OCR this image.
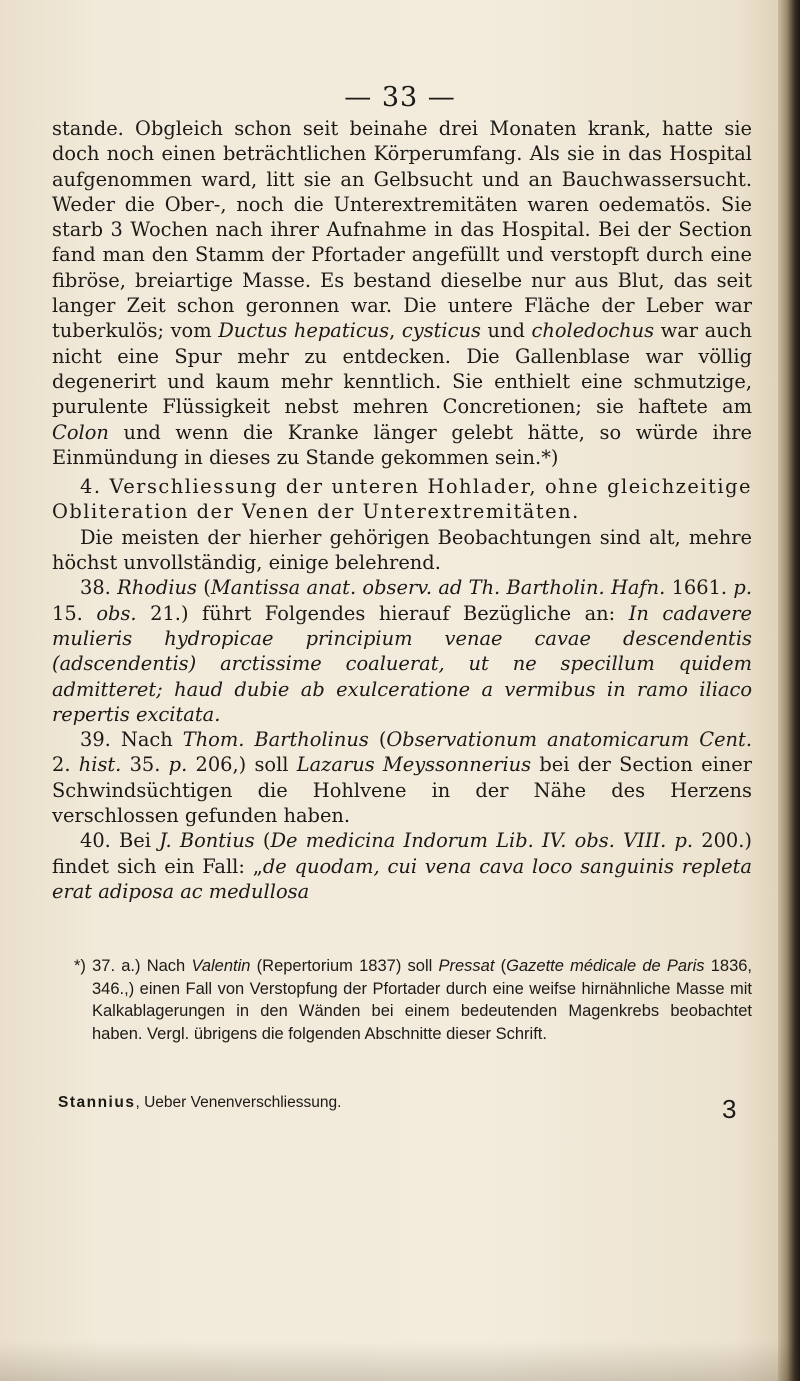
— 33 —

stande. Obgleich schon seit beinahe drei Monaten krank, hatte sie doch noch einen beträchtlichen Körperumfang. Als sie in das Hospital aufgenommen ward, litt sie an Gelbsucht und an Bauchwassersucht. Weder die Ober-, noch die Unterextremitäten waren oedematös. Sie starb 3 Wochen nach ihrer Aufnahme in das Hospital. Bei der Section fand man den Stamm der Pfortader angefüllt und verstopft durch eine fibröse, breiartige Masse. Es bestand dieselbe nur aus Blut, das seit langer Zeit schon geronnen war. Die untere Fläche der Leber war tuberkulös; vom Ductus hepaticus, cysticus und choledochus war auch nicht eine Spur mehr zu entdecken. Die Gallenblase war völlig degenerirt und kaum mehr kenntlich. Sie enthielt eine schmutzige, purulente Flüssigkeit nebst mehren Concretionen; sie haftete am Colon und wenn die Kranke länger gelebt hätte, so würde ihre Einmündung in dieses zu Stande gekommen sein.*)

4. Verschliessung der unteren Hohlader, ohne gleichzeitige Obliteration der Venen der Unterextremitäten.

Die meisten der hierher gehörigen Beobachtungen sind alt, mehre höchst unvollständig, einige belehrend.

38. Rhodius (Mantissa anat. observ. ad Th. Bartholin. Hafn. 1661. p. 15. obs. 21.) führt Folgendes hierauf Bezügliche an: In cadavere mulieris hydropicae principium venae cavae descendentis (adscendentis) arctissime coaluerat, ut ne specillum quidem admitteret; haud dubie ab exulceratione a vermibus in ramo iliaco repertis excitata.

39. Nach Thom. Bartholinus (Observationum anatomicarum Cent. 2. hist. 35. p. 206,) soll Lazarus Meyssonnerius bei der Section einer Schwindsüchtigen die Hohlvene in der Nähe des Herzens verschlossen gefunden haben.

40. Bei J. Bontius (De medicina Indorum Lib. IV. obs. VIII. p. 200.) findet sich ein Fall: „de quodam, cui vena cava loco sanguinis repleta erat adiposa ac medullosa

*) 37. a.) Nach Valentin (Repertorium 1837) soll Pressat (Gazette médicale de Paris 1836, 346.,) einen Fall von Verstopfung der Pfortader durch eine weifse hirnähnliche Masse mit Kalkablagerungen in den Wänden bei einem bedeutenden Magenkrebs beobachtet haben. Vergl. übrigens die folgenden Abschnitte dieser Schrift.

Stannius, Ueber Venenverschliessung.	3
